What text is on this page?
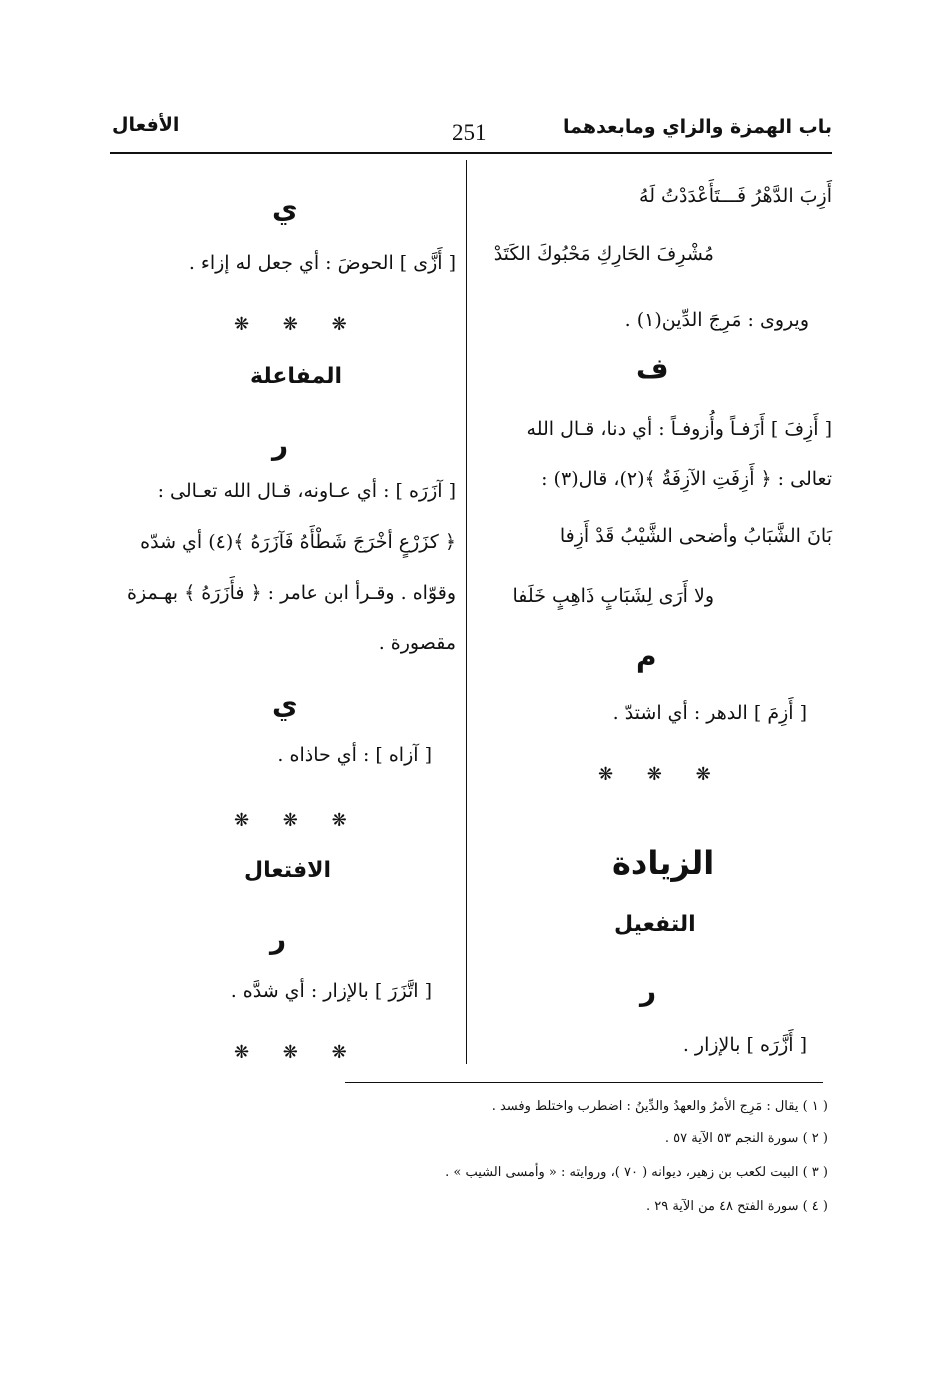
باب الهمزة والزاي ومابعدهما
251
الأفعال
أَزِبَ الدَّهْرُ فَـــتَأَعْدَدْتُ لَهُ
مُشْرِفَ الحَارِكِ مَحْبُوكَ الكَتَدْ
ويروى : مَرِجَ الدِّين(١) .
ف
[ أَزِفَ ] أَزَفـاً وأُزوفـاً : أي دنا، قـال الله
تعالى : ﴿ أَزِفَتِ الآزِفَةُ ﴾(٢)، قال(٣) :
بَانَ الشَّبَابُ وأضحى الشَّيْبُ قَدْ أَزِفا
ولا أَرَى لِشَبَابٍ ذَاهِبٍ خَلَفا
م
[ أَزِمَ ] الدهر : أي اشتدّ .
❋ ❋ ❋
الزيادة
التفعيل
ر
[ أَزَّرَه ] بالإزار .
ي
[ أَزَّى ] الحوضَ : أي جعل له إزاء .
❋ ❋ ❋
المفاعلة
ر
[ آزَرَه ] : أي عـاونه، قـال الله تعـالى :
﴿ كزَرْعٍ أخْرَجَ شَطْأَهُ فَآزَرَهُ ﴾(٤) أي شدّه
وقوّاه . وقـرأ ابن عامر : ﴿ فأَزَرَهُ ﴾ بهـمزة
مقصورة .
ي
[ آزاه ] : أي حاذاه .
❋ ❋ ❋
الافتعال
ر
[ اتَّزَرَ ] بالإزار : أي شدَّه .
❋ ❋ ❋
( ١ ) يقال : مَرِج الأمرُ والعهدُ والدِّينُ : اضطرب واختلط وفسد .
( ٢ ) سورة النجم ٥٣ الآية ٥٧ .
( ٣ ) البيت لكعب بن زهير، ديوانه ( ٧٠ )، وروايته : « وأمسى الشيب » .
( ٤ ) سورة الفتح ٤٨ من الآية ٢٩ .
